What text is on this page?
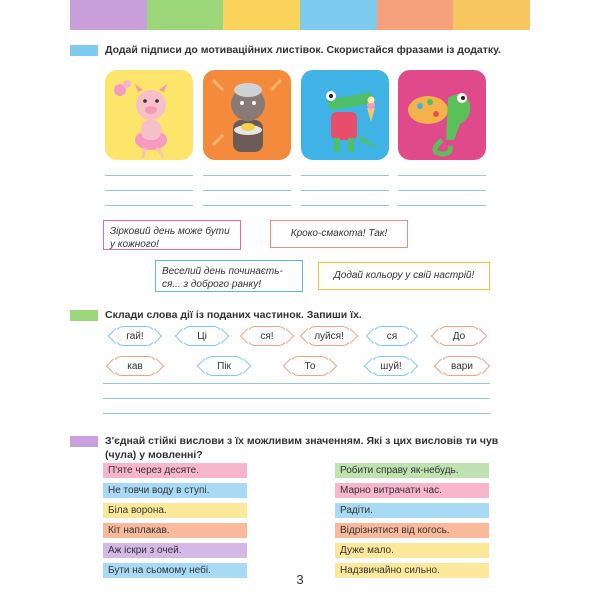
Додай підписи до мотиваційних листівок. Скористайся фразами із додатку.
Зірковий день може бути у кожного!
Кроко-смакота! Так!
Веселий день починаєть-ся... з доброго ранку!
Додай кольору у свій настрій!
Склади слова дії із поданих частинок. Запиши їх.
гай!	Ці	ся!	луйся!	ся	До
кав	Пік	То	шуй!	вари
З'єднай стійкі вислови з їх можливим значенням. Які з цих висловів ти чув
(чула) у мовленні?
П'яте через десяте.
Не товчи воду в ступі.
Біла ворона.
Кіт наплакав.
Аж іскри з очей.
Бути на сьомому небі.
Робити справу як-небудь.
Марно витрачати час.
Радіти.
Відрізнятися від когось.
Дуже мало.
Надзвичайно сильно.
3
